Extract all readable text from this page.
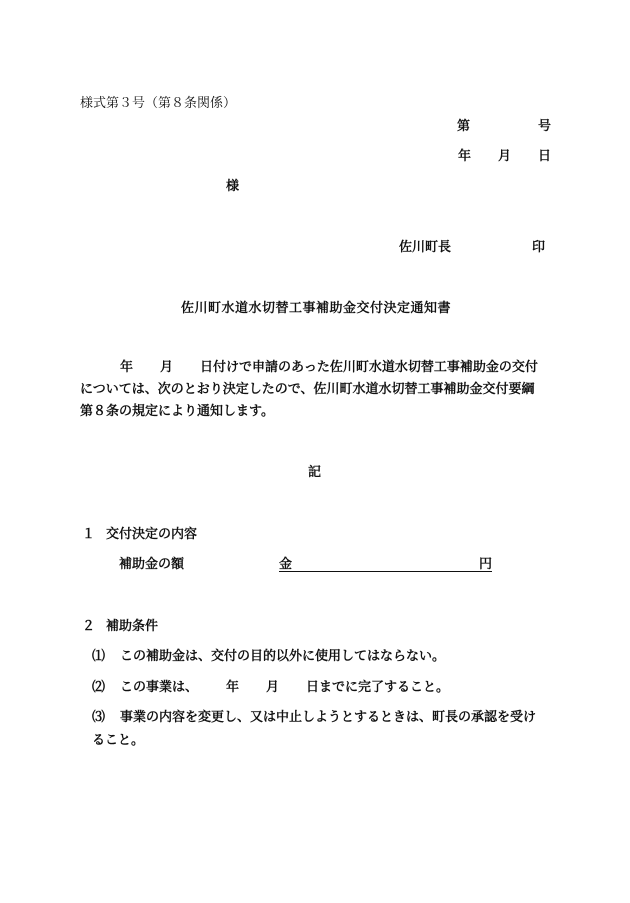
様式第３号（第８条関係）
第	号
年 月 日
様
佐川町長	印
佐川町水道水切替工事補助金交付決定通知書
年 月 日付けで申請のあった佐川町水道水切替工事補助金の交付
については、次のとおり決定したので、佐川町水道水切替工事補助金交付要綱
第８条の規定により通知します。
記
１ 交付決定の内容
補助金の額	金	円
２ 補助条件
⑴ この補助金は、交付の目的以外に使用してはならない。
⑵ この事業は、 年 月 日までに完了すること。
⑶ 事業の内容を変更し、又は中止しようとするときは、町長の承認を受け
ること。
